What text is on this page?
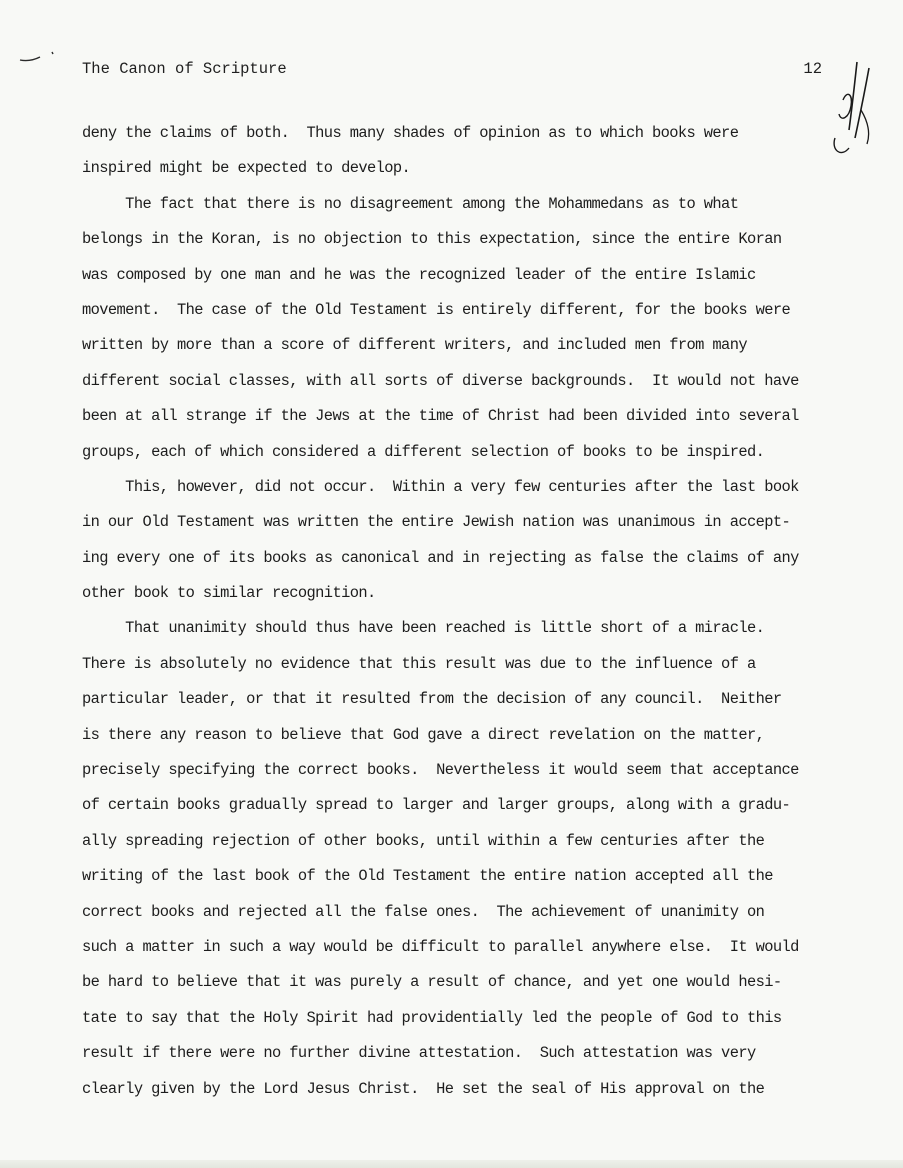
The Canon of Scripture	12
deny the claims of both.  Thus many shades of opinion as to which books were
inspired might be expected to develop.
The fact that there is no disagreement among the Mohammedans as to what
belongs in the Koran, is no objection to this expectation, since the entire Koran
was composed by one man and he was the recognized leader of the entire Islamic
movement.  The case of the Old Testament is entirely different, for the books were
written by more than a score of different writers, and included men from many
different social classes, with all sorts of diverse backgrounds.  It would not have
been at all strange if the Jews at the time of Christ had been divided into several
groups, each of which considered a different selection of books to be inspired.
This, however, did not occur.  Within a very few centuries after the last book
in our Old Testament was written the entire Jewish nation was unanimous in accept-
ing every one of its books as canonical and in rejecting as false the claims of any
other book to similar recognition.
That unanimity should thus have been reached is little short of a miracle.
There is absolutely no evidence that this result was due to the influence of a
particular leader, or that it resulted from the decision of any council.  Neither
is there any reason to believe that God gave a direct revelation on the matter,
precisely specifying the correct books.  Nevertheless it would seem that acceptance
of certain books gradually spread to larger and larger groups, along with a gradu-
ally spreading rejection of other books, until within a few centuries after the
writing of the last book of the Old Testament the entire nation accepted all the
correct books and rejected all the false ones.  The achievement of unanimity on
such a matter in such a way would be difficult to parallel anywhere else.  It would
be hard to believe that it was purely a result of chance, and yet one would hesi-
tate to say that the Holy Spirit had providentially led the people of God to this
result if there were no further divine attestation.  Such attestation was very
clearly given by the Lord Jesus Christ.  He set the seal of His approval on the
